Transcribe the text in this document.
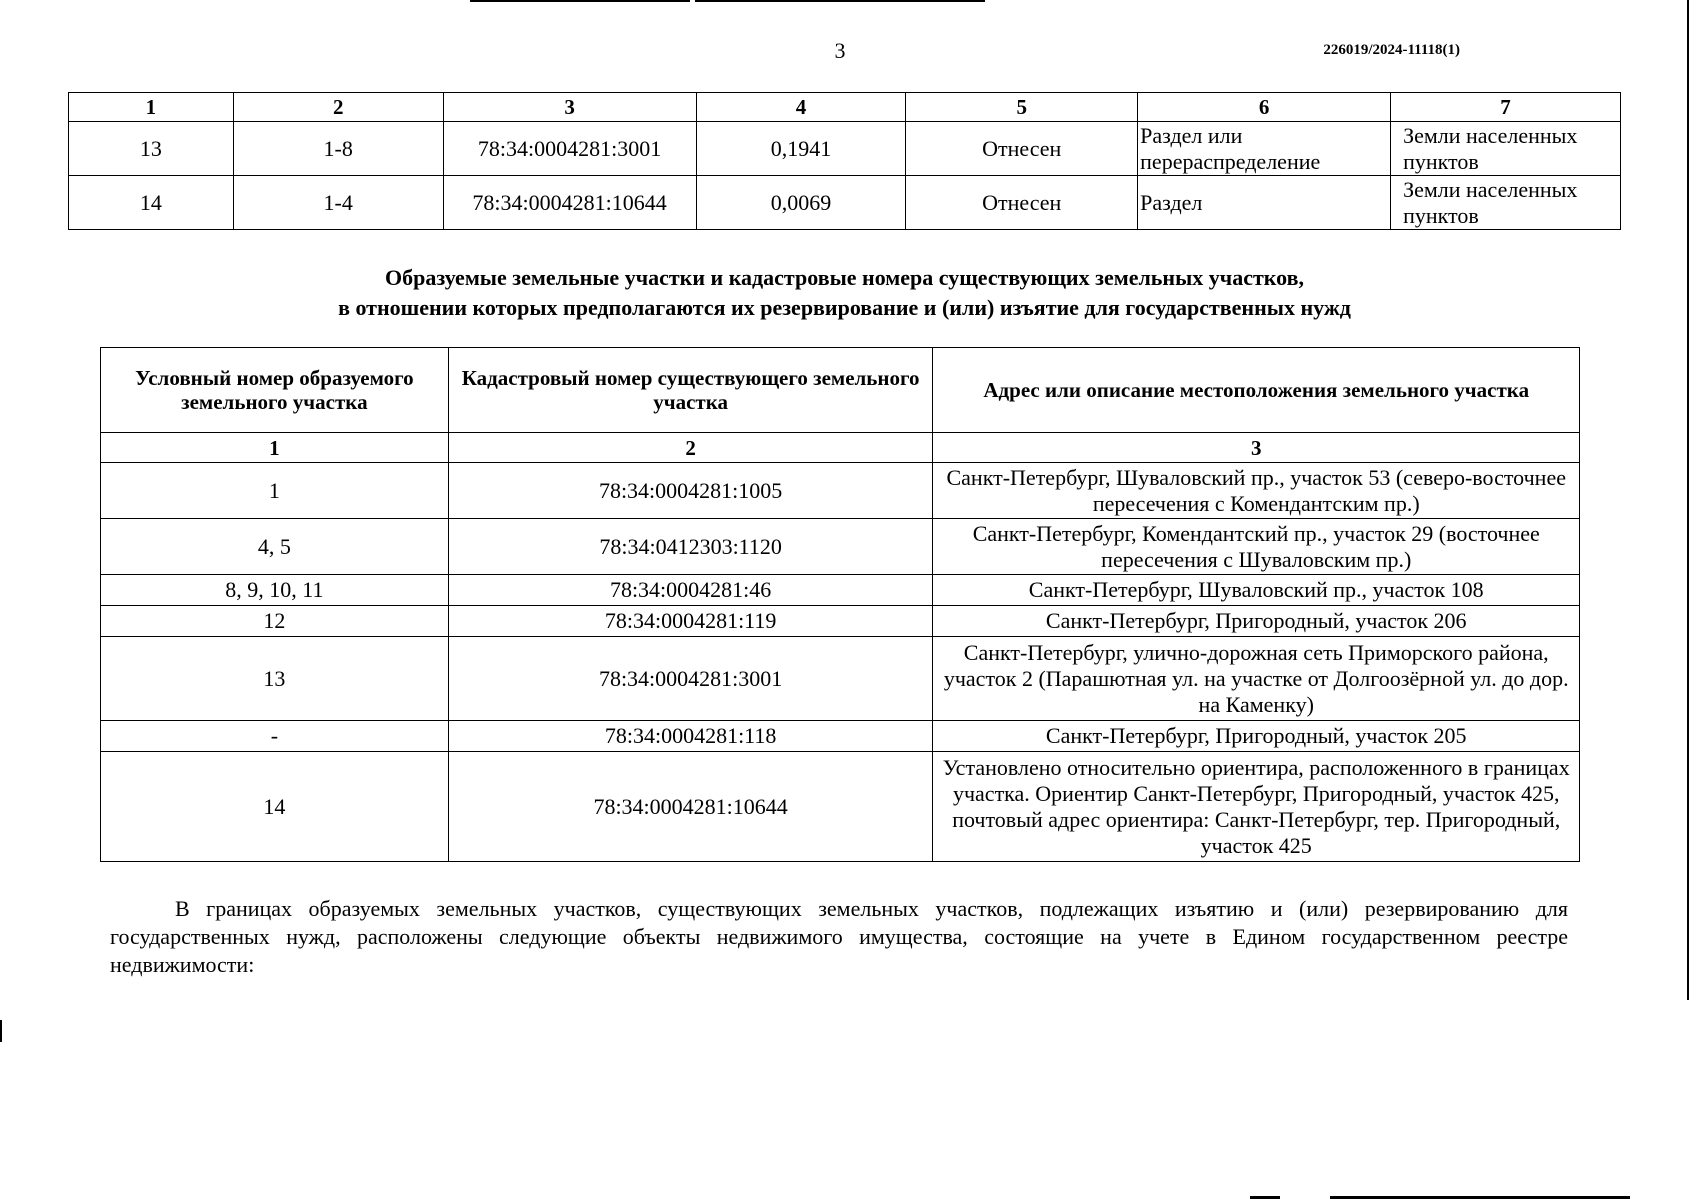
3	226019/2024-11118(1)
1	2	3	4	5	6	7
13	1-8	78:34:0004281:3001	0,1941	Отнесен	Раздел или перераспределение	Земли населенных пунктов
14	1-4	78:34:0004281:10644	0,0069	Отнесен	Раздел	Земли населенных пунктов
Образуемые земельные участки и кадастровые номера существующих земельных участков,
в отношении которых предполагаются их резервирование и (или) изъятие для государственных нужд
Условный номер образуемого земельного участка	Кадастровый номер существующего земельного участка	Адрес или описание местоположения земельного участка
1	2	3
1	78:34:0004281:1005	Санкт-Петербург, Шуваловский пр., участок 53 (северо-восточнее пересечения с Комендантским пр.)
4, 5	78:34:0412303:1120	Санкт-Петербург, Комендантский пр., участок 29 (восточнее пересечения с Шуваловским пр.)
8, 9, 10, 11	78:34:0004281:46	Санкт-Петербург, Шуваловский пр., участок 108
12	78:34:0004281:119	Санкт-Петербург, Пригородный, участок 206
13	78:34:0004281:3001	Санкт-Петербург, улично-дорожная сеть Приморского района, участок 2 (Парашютная ул. на участке от Долгоозёрной ул. до дор. на Каменку)
-	78:34:0004281:118	Санкт-Петербург, Пригородный, участок 205
14	78:34:0004281:10644	Установлено относительно ориентира, расположенного в границах участка. Ориентир Санкт-Петербург, Пригородный, участок 425, почтовый адрес ориентира: Санкт-Петербург, тер. Пригородный, участок 425
В границах образуемых земельных участков, существующих земельных участков, подлежащих изъятию и (или) резервированию для государственных нужд, расположены следующие объекты недвижимого имущества, состоящие на учете в Едином государственном реестре недвижимости:
